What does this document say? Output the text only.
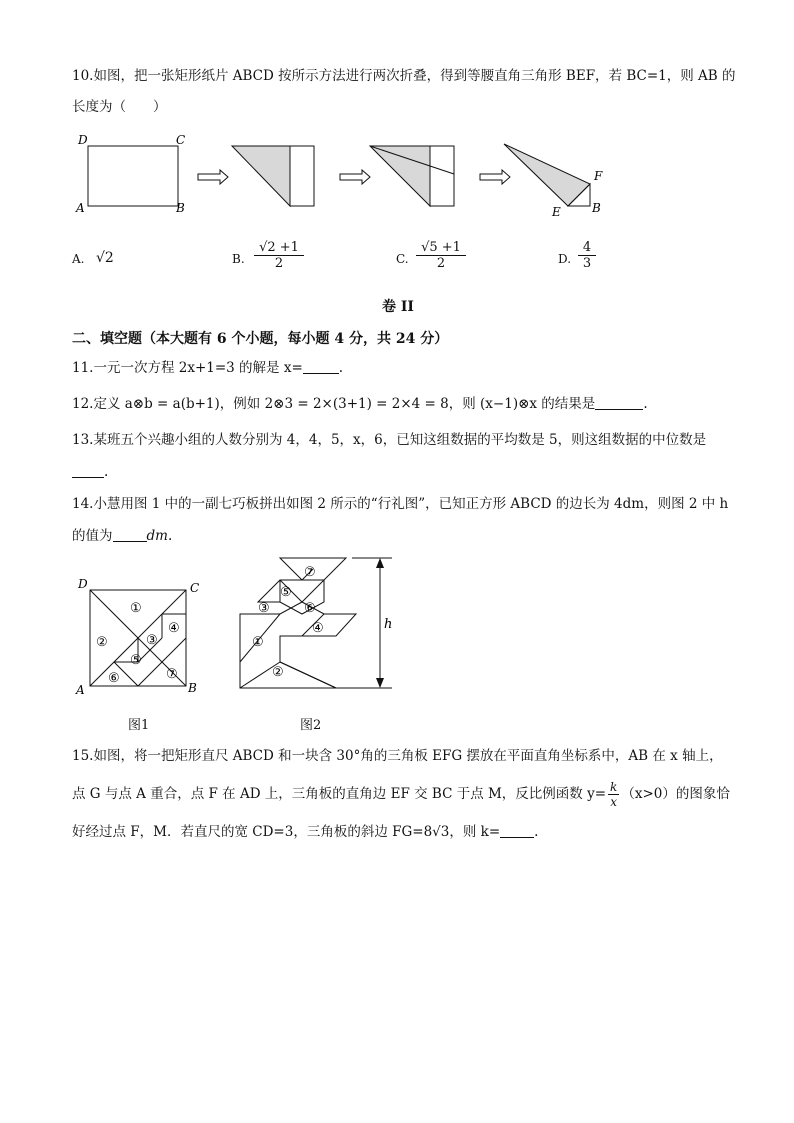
10.如图，把一张矩形纸片 ABCD 按所示方法进行两次折叠，得到等腰直角三角形 BEF，若 BC=1，则 AB 的
长度为（　　）
D	C
A	B
F
E	B
A. √2	B. $\frac{√2 +1}{2}$	C. $\frac{√5 +1}{2}$	D. $\frac{4}{3}$
卷 II
二、填空题（本大题有 6 个小题，每小题 4 分，共 24 分）
11.一元一次方程 2x+1=3 的解是 x=	.
12.定义 a⊗b = a(b+1)，例如 2⊗3 = 2×(3+1) = 2×4 = 8，则 (x−1)⊗x 的结果是	.
13.某班五个兴趣小组的人数分别为 4，4，5，x，6，已知这组数据的平均数是 5，则这组数据的中位数是
.
14.小慧用图 1 中的一副七巧板拼出如图 2 所示的“行礼图”，已知正方形 ABCD 的边长为 4dm，则图 2 中 h
的值为	dm.
D	C
A	B
①
②	③
④
⑤
⑥	⑦
图1
h
⑦
⑤
③	⑥
④
①
②
图2
15.如图，将一把矩形直尺 ABCD 和一块含 30°角的三角板 EFG 摆放在平面直角坐标系中，AB 在 x 轴上，
点 G 与点 A 重合，点 F 在 AD 上，三角板的直角边 EF 交 BC 于点 M，反比例函数 $y= \frac{k}{x} (x>0)$的图象恰
好经过点 F，M．若直尺的宽 CD=3，三角板的斜边 FG=8√3，则 k=	.
